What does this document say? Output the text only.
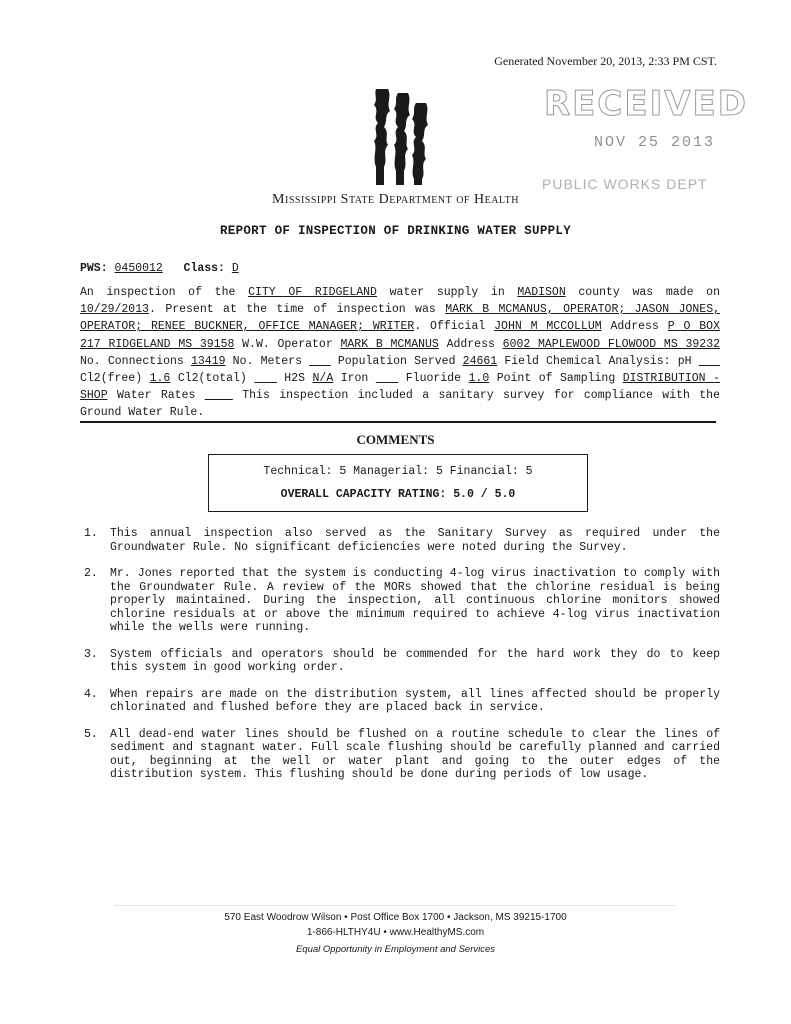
Generated November 20, 2013, 2:33 PM CST.
RECEIVED
NOV 25 2013
PUBLIC WORKS DEPT
Mississippi State Department of Health
REPORT OF INSPECTION OF DRINKING WATER SUPPLY
PWS: 0450012 Class: D
An inspection of the CITY OF RIDGELAND water supply in MADISON county was made on 10/29/2013. Present at the time of inspection was MARK B MCMANUS, OPERATOR; JASON JONES, OPERATOR; RENEE BUCKNER, OFFICE MANAGER; WRITER. Official JOHN M MCCOLLUM Address P O BOX 217 RIDGELAND MS 39158 W.W. Operator MARK B MCMANUS Address 6002 MAPLEWOOD FLOWOOD MS 39232 No. Connections 13419 No. Meters     Population Served 24661 Field Chemical Analysis: pH     Cl2(free) 1.6 Cl2(total)     H2S N/A Iron     Fluoride 1.0 Point of Sampling DISTRIBUTION - SHOP Water Rates     This inspection included a sanitary survey for compliance with the Ground Water Rule.
COMMENTS
Technical: 5 Managerial: 5 Financial: 5
OVERALL CAPACITY RATING: 5.0 / 5.0
1. This annual inspection also served as the Sanitary Survey as required under the Groundwater Rule. No significant deficiencies were noted during the Survey.
2. Mr. Jones reported that the system is conducting 4-log virus inactivation to comply with the Groundwater Rule. A review of the MORs showed that the chlorine residual is being properly maintained. During the inspection, all continuous chlorine monitors showed chlorine residuals at or above the minimum required to achieve 4-log virus inactivation while the wells were running.
3. System officials and operators should be commended for the hard work they do to keep this system in good working order.
4. When repairs are made on the distribution system, all lines affected should be properly chlorinated and flushed before they are placed back in service.
5. All dead-end water lines should be flushed on a routine schedule to clear the lines of sediment and stagnant water. Full scale flushing should be carefully planned and carried out, beginning at the well or water plant and going to the outer edges of the distribution system. This flushing should be done during periods of low usage.
570 East Woodrow Wilson • Post Office Box 1700 • Jackson, MS 39215-1700
1-866-HLTHY4U • www.HealthyMS.com
Equal Opportunity in Employment and Services
